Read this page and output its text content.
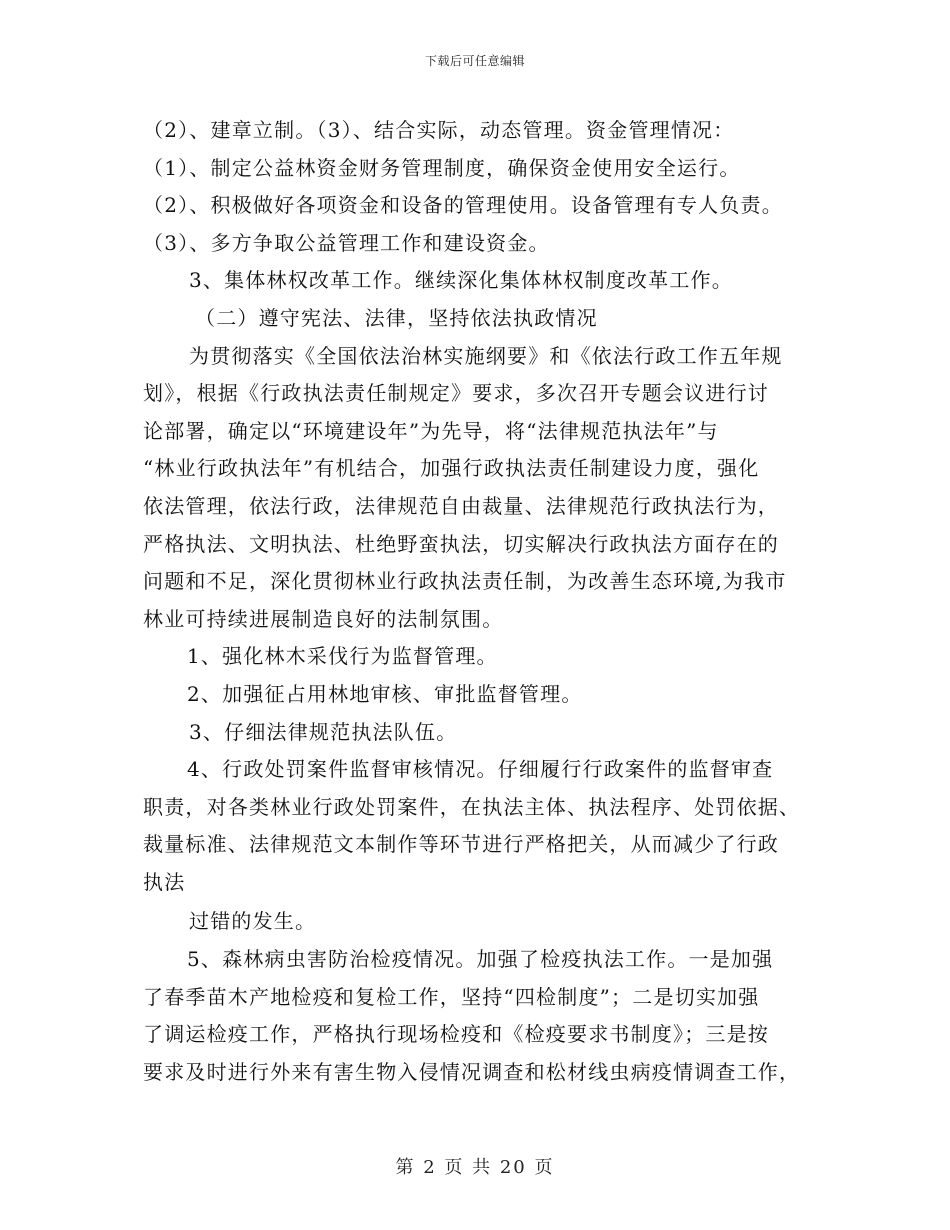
下载后可任意编辑
（2）、建章立制。（3）、结合实际，动态管理。资金管理情况：
（1）、制定公益林资金财务管理制度，确保资金使用安全运行。
（2）、积极做好各项资金和设备的管理使用。设备管理有专人负责。
（3）、多方争取公益管理工作和建设资金。
3、集体林权改革工作。继续深化集体林权制度改革工作。
（二）遵守宪法、法律，坚持依法执政情况
为贯彻落实《全国依法治林实施纲要》和《依法行政工作五年规
划》，根据《行政执法责任制规定》要求，多次召开专题会议进行讨
论部署，确定以“环境建设年”为先导，将“法律规范执法年”与
“林业行政执法年”有机结合，加强行政执法责任制建设力度，强化
依法管理，依法行政，法律规范自由裁量、法律规范行政执法行为，
严格执法、文明执法、杜绝野蛮执法，切实解决行政执法方面存在的
问题和不足，深化贯彻林业行政执法责任制，为改善生态环境,为我市
林业可持续进展制造良好的法制氛围。
1、强化林木采伐行为监督管理。
2、加强征占用林地审核、审批监督管理。
3、仔细法律规范执法队伍。
4、行政处罚案件监督审核情况。仔细履行行政案件的监督审查
职责，对各类林业行政处罚案件，在执法主体、执法程序、处罚依据、
裁量标准、法律规范文本制作等环节进行严格把关，从而减少了行政
执法
过错的发生。
5、森林病虫害防治检疫情况。加强了检疫执法工作。一是加强
了春季苗木产地检疫和复检工作，坚持“四检制度”；二是切实加强
了调运检疫工作，严格执行现场检疫和《检疫要求书制度》；三是按
要求及时进行外来有害生物入侵情况调查和松材线虫病疫情调查工作，
第 2 页 共 20 页
